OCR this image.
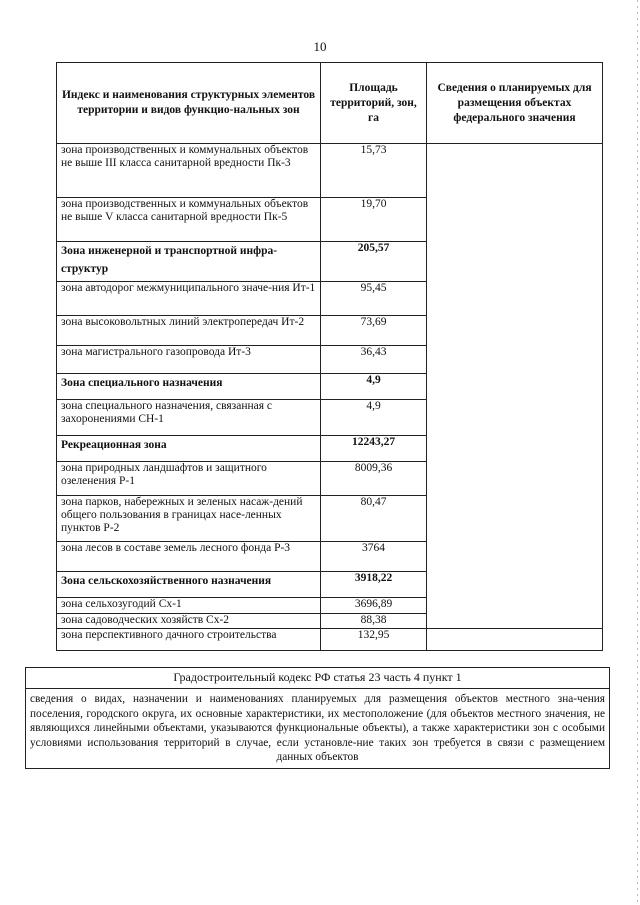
10
Индекс и наименования структурных элементов территории и видов функцио-нальных зон	Площадь территорий, зон, га	Сведения о планируемых для размещения объектах федерального значения
зона производственных и коммунальных объектов не выше III класса санитарной вредности Пк-3	15,73	
зона производственных и коммунальных объектов не выше V класса санитарной вредности Пк-5	19,70	
Зона инженерной и транспортной инфра-структур	205,57	
зона автодорог межмуниципального значе-ния Ит-1	95,45	
зона высоковольтных линий электропередач Ит-2	73,69	
зона магистрального газопровода Ит-3	36,43	
Зона специального назначения	4,9	
зона специального назначения, связанная с захоронениями СН-1	4,9	
Рекреационная зона	12243,27	
зона природных ландшафтов и защитного озеленения Р-1	8009,36	
зона парков, набережных и зеленых насаж-дений общего пользования в границах насе-ленных пунктов Р-2	80,47	
зона лесов в составе земель лесного фонда Р-3	3764	
Зона сельскохозяйственного назначения	3918,22	
зона сельхозугодий Сх-1	3696,89	
зона садоводческих хозяйств Сх-2	88,38	
зона перспективного дачного строительства	132,95	
Градостроительный кодекс РФ статья 23 часть 4 пункт 1
сведения о видах, назначении и наименованиях планируемых для размещения объектов местного зна-чения поселения, городского округа, их основные характеристики, их местоположение (для объектов местного значения, не являющихся линейными объектами, указываются функциональные объекты), а также характеристики зон с особыми условиями использования территорий в случае, если установле-ние таких зон требуется в связи с размещением данных объектов
